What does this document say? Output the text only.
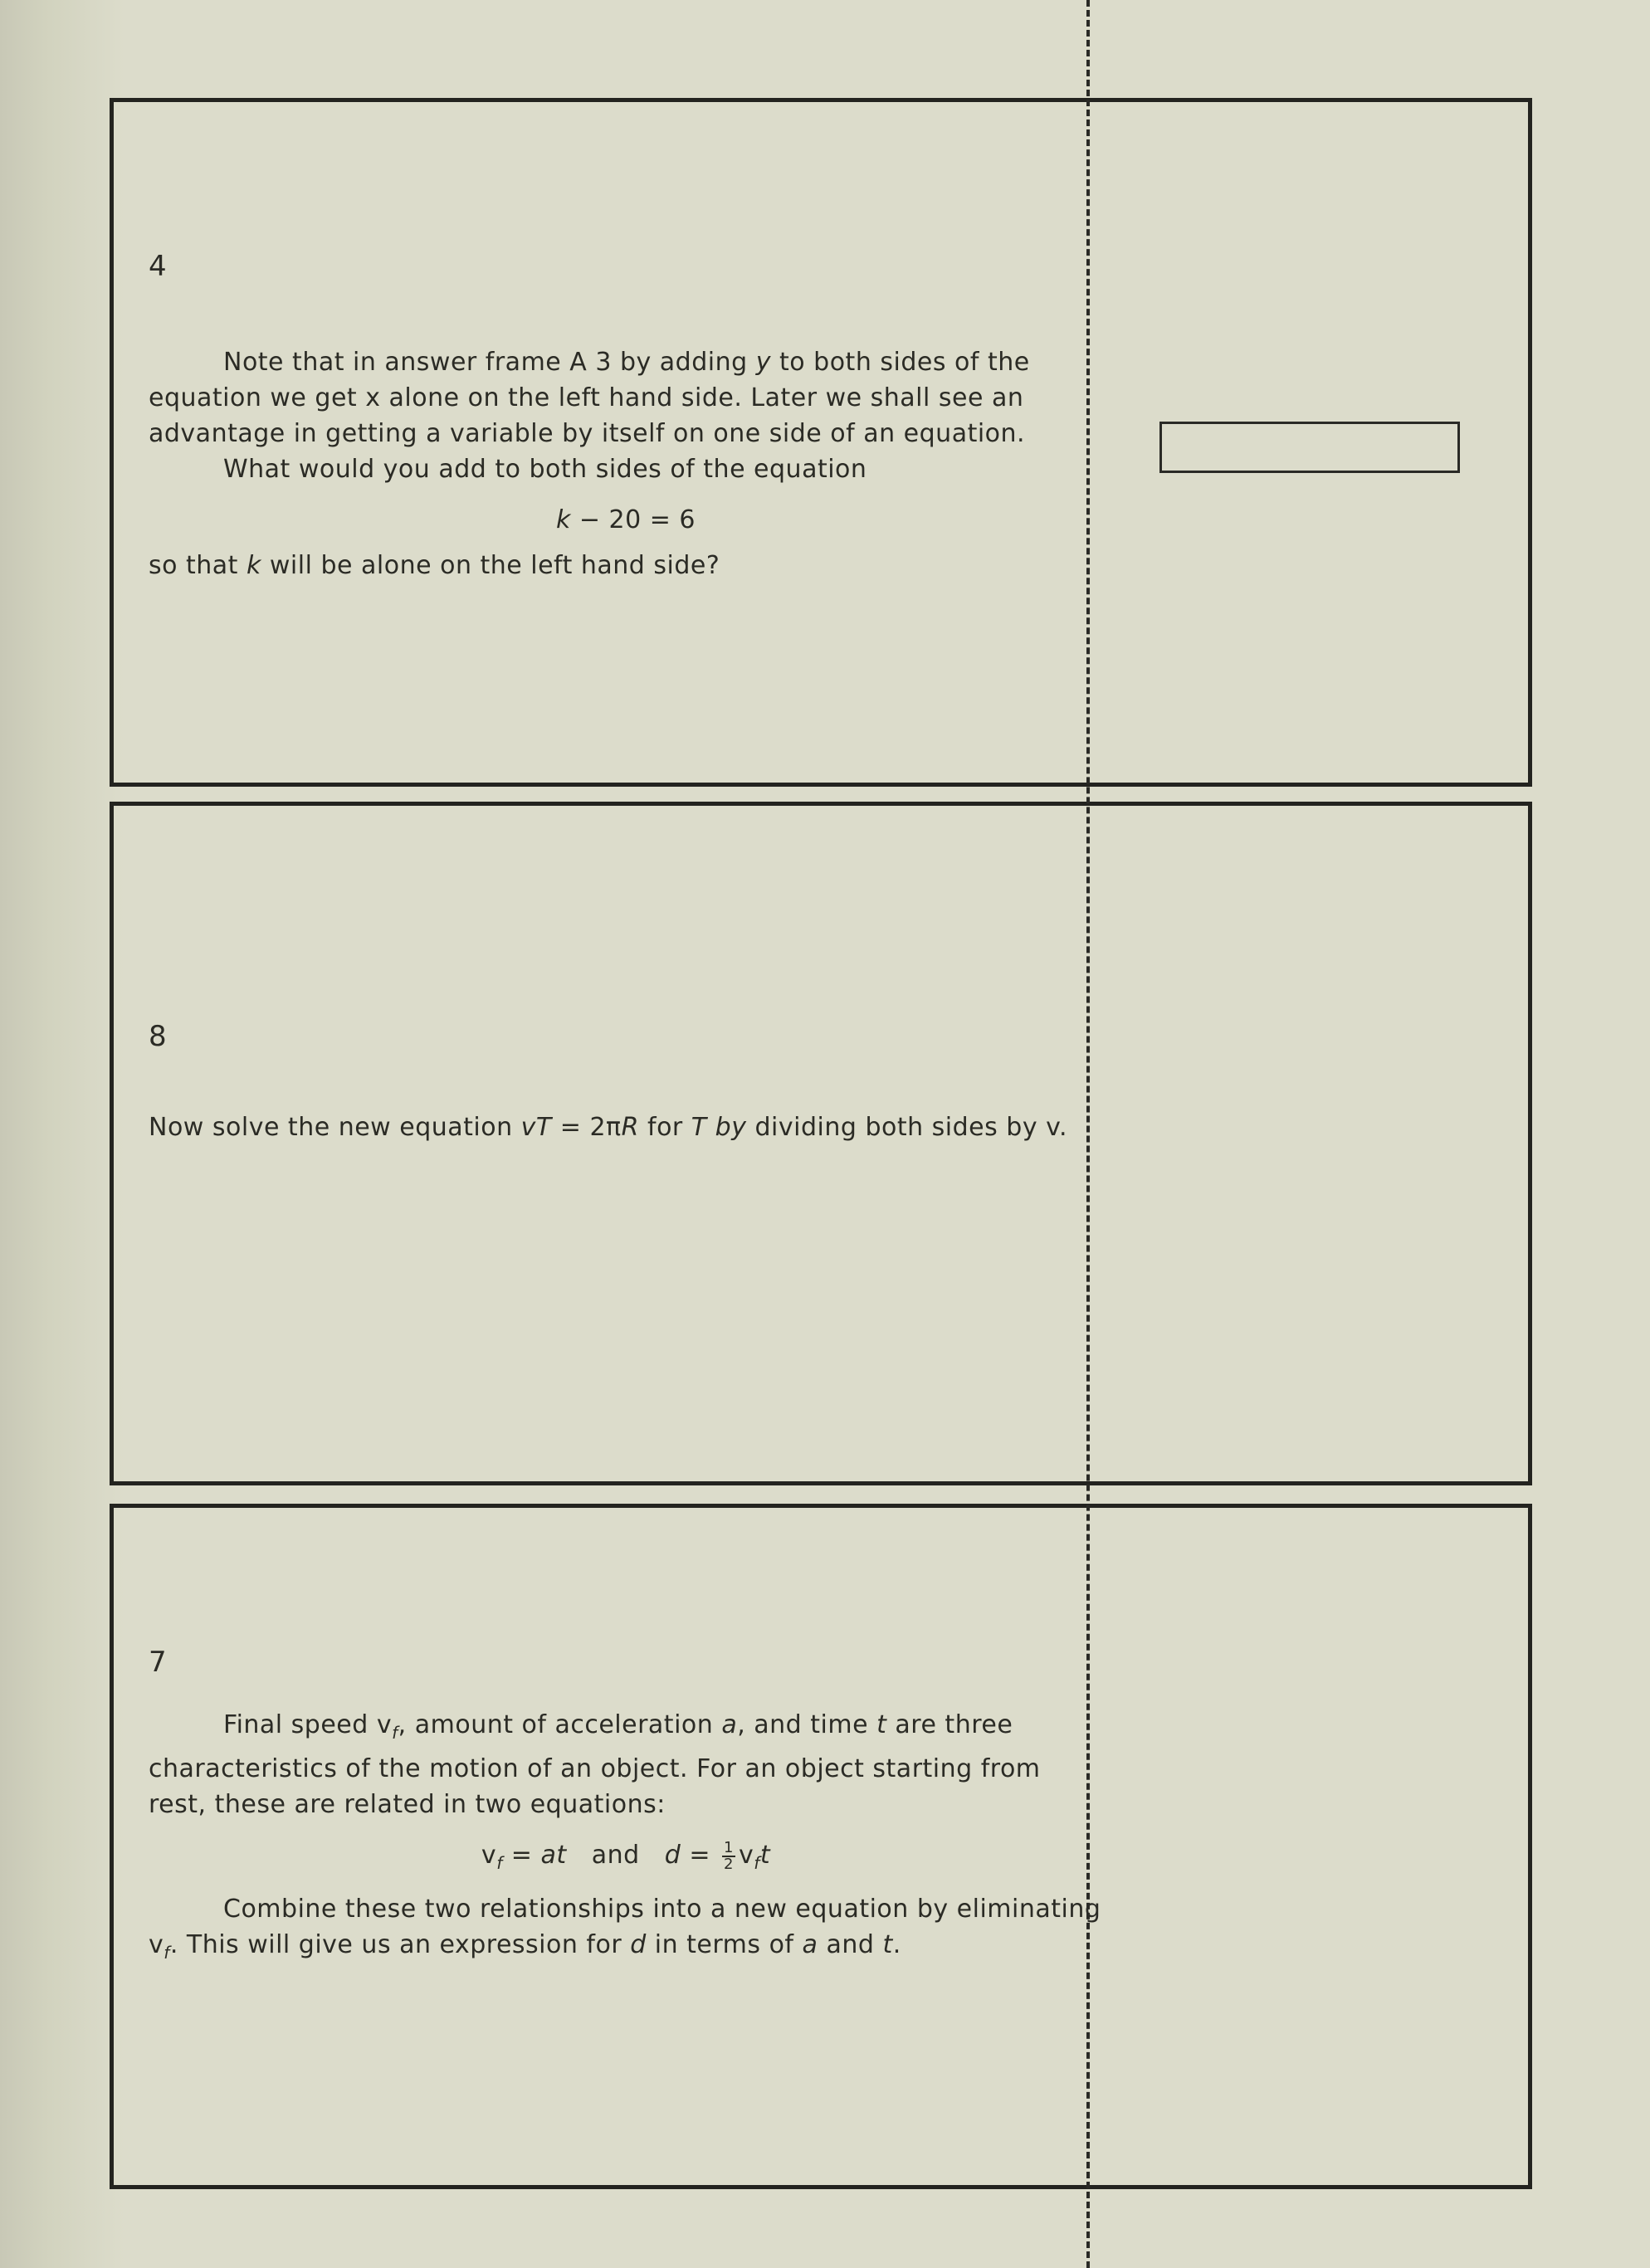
4

Note that in answer frame A 3 by adding y to both sides of the equation we get x alone on the left hand side. Later we shall see an advantage in getting a variable by itself on one side of an equation.

What would you add to both sides of the equation

k − 20 = 6

so that k will be alone on the left hand side?

8

Now solve the new equation vT = 2πR for T by dividing both sides by v.

7

Final speed $v_f$, amount of acceleration a, and time t are three characteristics of the motion of an object. For an object starting from rest, these are related in two equations:

$v_f$ = at and $d = \frac{1}{2} v_ft$

Combine these two relationships into a new equation by eliminating $v_f$. This will give us an expression for d in terms of a and t.
